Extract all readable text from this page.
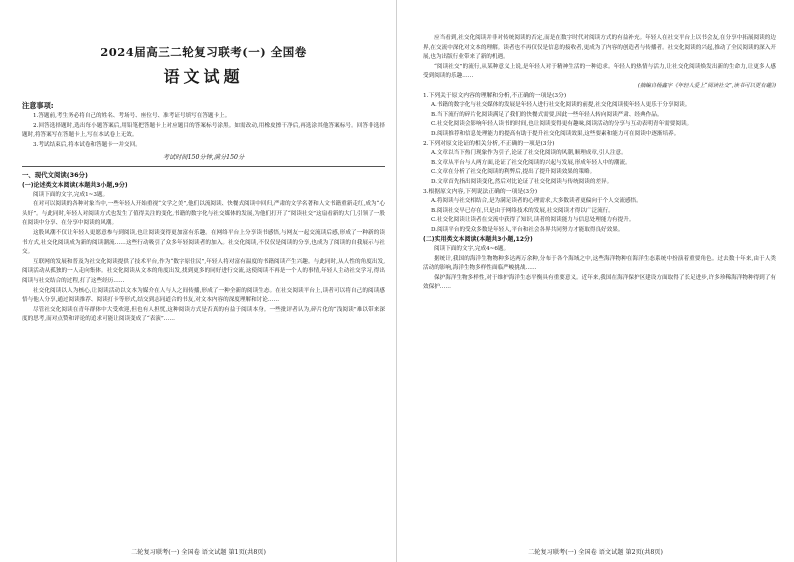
2024届高三二轮复习联考(一) 全国卷
语文试题
注意事项:

1.答题前,考生务必将自己的姓名、考场号、座位号、准考证号填写在答题卡上。

2.回答选择题时,选出每小题答案后,用铅笔把答题卡上对应题目的答案标号涂黑。如需改动,用橡皮擦干净后,再选涂其他答案标号。回答非选择题时,将答案写在答题卡上,写在本试卷上无效。

3.考试结束后,将本试卷和答题卡一并交回。

考试时间150分钟,满分150分
一、现代文阅读(36分)
(一)论述类文本阅读(本题共3小题,9分)

阅读下面的文字,完成1~3题。

在对可以阅读的各种对象当中,一些年轻人开始重视“文学之美”,他们以流阅读、快餐式阅读中回归,严肃的文学名著和人文书籍重新走红,成为“心头好”。与此同时,年轻人对阅读方式也发生了值得关注的变化,书籍的数字化与社交媒体的发展,为他们打开了“阅读社交”这扇看新的大门,引领了一股在阅读中分享、在分享中阅读的风潮。

这股风潮不仅让年轻人更愿意参与到阅读,也让阅读变得更加富有乐趣。在网络平台上分享读书感悟,与网友一起交流读后感,形成了一种新的读书方式,社交化阅读成为新的阅读潮流……这些行动吸引了众多年轻阅读者的加入。社交化阅读,不仅仅是阅读的分享,也成为了阅读的自我展示与社交。

互联网的发展和普及为社交化阅读提供了技术平台,作为“数字原住民”,年轻人将对富有温度的书籍阅读产生兴趣。与此同时,从人性的角度出发,阅读活动从孤独的一人走向集体。社交化阅读从文本的角度出发,找到更多的同好进行交流,这使阅读不再是一个人的事情,年轻人主动社交学习,得出阅读与社交结合的过程,打了这些经历……

社交化阅读以人为核心,让阅读活动以文本为媒介在人与人之间传播,形成了一种全新的阅读生态。在社交阅读平台上,读者可以将自己的阅读感悟与他人分享,通过阅读推荐、阅读打卡等形式,结交到志同道合的书友,对文本内容的深度理解和讨论……

尽管社交化阅读在青年群体中大受欢迎,但也有人担忧,这种阅读方式是否真的有益于阅读本身。一些批评者认为,碎片化的“浅阅读”难以带来深度的思考,而对点赞和评论的追求可能让阅读变成了“表演”……

二轮复习联考(一) 全国卷 语文试题 第1页(共8页)

应当看到,社交化阅读并非对传统阅读的否定,而是在数字时代对阅读方式的有益补充。年轻人在社交平台上以书会友,在分享中拓展阅读的边界,在交流中深化对文本的理解。读者也不再仅仅是信息的接收者,更成为了内容的创造者与传播者。社交化阅读的兴起,推动了全民阅读的深入开展,也为出版行业带来了新的机遇。

“阅读社交”的流行,从某种意义上说,是年轻人对于精神生活的一种追求。年轻人的热情与活力,让社交化阅读焕发出新的生命力,让更多人感受到阅读的乐趣……

(摘编自杨鑫宇《年轻人爱上“阅读社交”,读书可以更有趣》)

1.下列关于原文内容的理解和分析,不正确的一项是(3分)

A.书籍的数字化与社交媒体的发展是年轻人进行社交化阅读的前提,社交化阅读使年轻人更乐于分享阅读。

B.当下流行的碎片化阅读满足了我们的快餐式需要,因此一些年轻人转向阅读严肃、经典作品。

C.社交化阅读会影响年轻人读书的时间,也让阅读变得更有趣味,阅读活动的分享与互动表明青年需要阅读。

D.阅读推荐和信息处理能力的提高有助于提升社交化阅读效果,这些要素和能力可在阅读中逐渐培养。

2.下列对原文论证的相关分析,不正确的一项是(3分)

A.文章以当下热门现象作为引子,论证了社交化阅读的风潮,顺理成章,引人注意。

B.文章从平台与人两方面,论证了社交化阅读的兴起与发展,形成年轻人中的潮流。

C.文章在分析了社交化阅读的利弊后,提出了提升阅读效果的策略。

D.文章首先指出阅读变化,然后对比论证了社交化阅读与传统阅读的差异。

3.根据原文内容,下列说法正确的一项是(3分)

A.将阅读与社交相结合,是为满足读者的心理需求,大多数读者更偏向于个人交流感悟。

B.阅读社交早已存在,只是由于网络技术的发展,社交阅读才得以广泛流行。

C.社交化阅读让读者在交流中获得了知识,读者的阅读能力与信息处理能力有提升。

D.阅读平台的受众多数是年轻人,平台和社会各界共同努力才能取得良好效果。

(二)实用类文本阅读(本题共3小题,12分)

阅读下面的文字,完成4~6题。

据统计,我国的海洋生物物种多达两万余种,分布于各个海域之中,这些海洋物种在海洋生态系统中扮演着重要角色。过去数十年来,由于人类活动的影响,海洋生物多样性面临严峻挑战……

保护海洋生物多样性,对于维护海洋生态平衡具有重要意义。近年来,我国在海洋保护区建设方面取得了长足进步,许多珍稀海洋物种得到了有效保护……

二轮复习联考(一) 全国卷 语文试题 第2页(共8页)
